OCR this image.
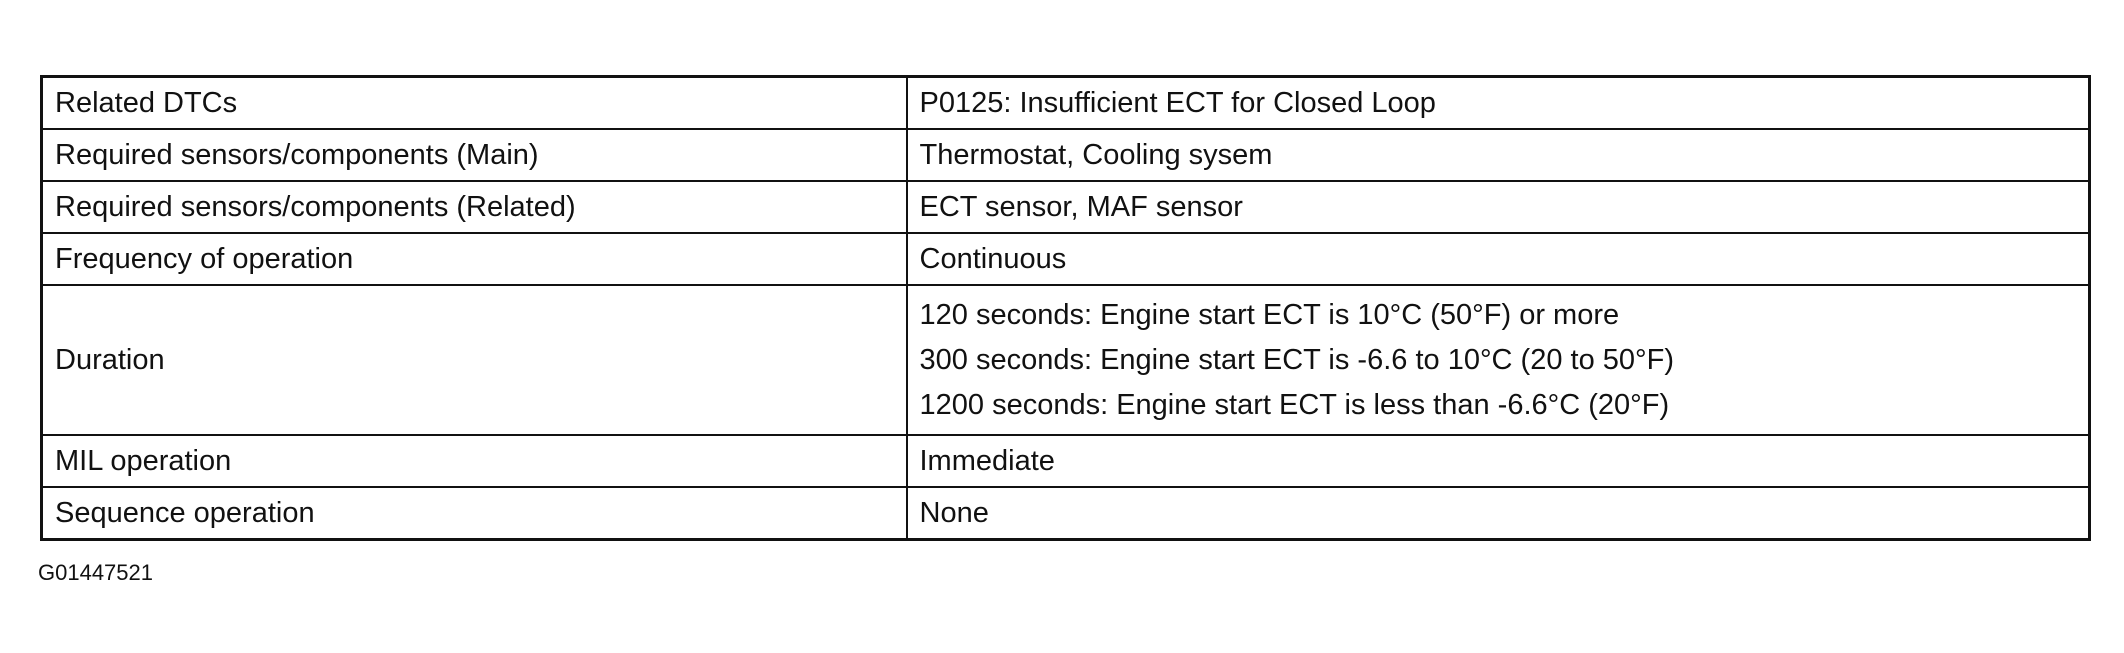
Related DTCs	P0125: Insufficient ECT for Closed Loop
Required sensors/components (Main)	Thermostat, Cooling sysem
Required sensors/components (Related)	ECT sensor, MAF sensor
Frequency of operation	Continuous
Duration	120 seconds: Engine start ECT is 10°C (50°F) or more
300 seconds: Engine start ECT is -6.6 to 10°C (20 to 50°F)
1200 seconds: Engine start ECT is less than -6.6°C (20°F)

MIL operation	Immediate
Sequence operation	None
G01447521
